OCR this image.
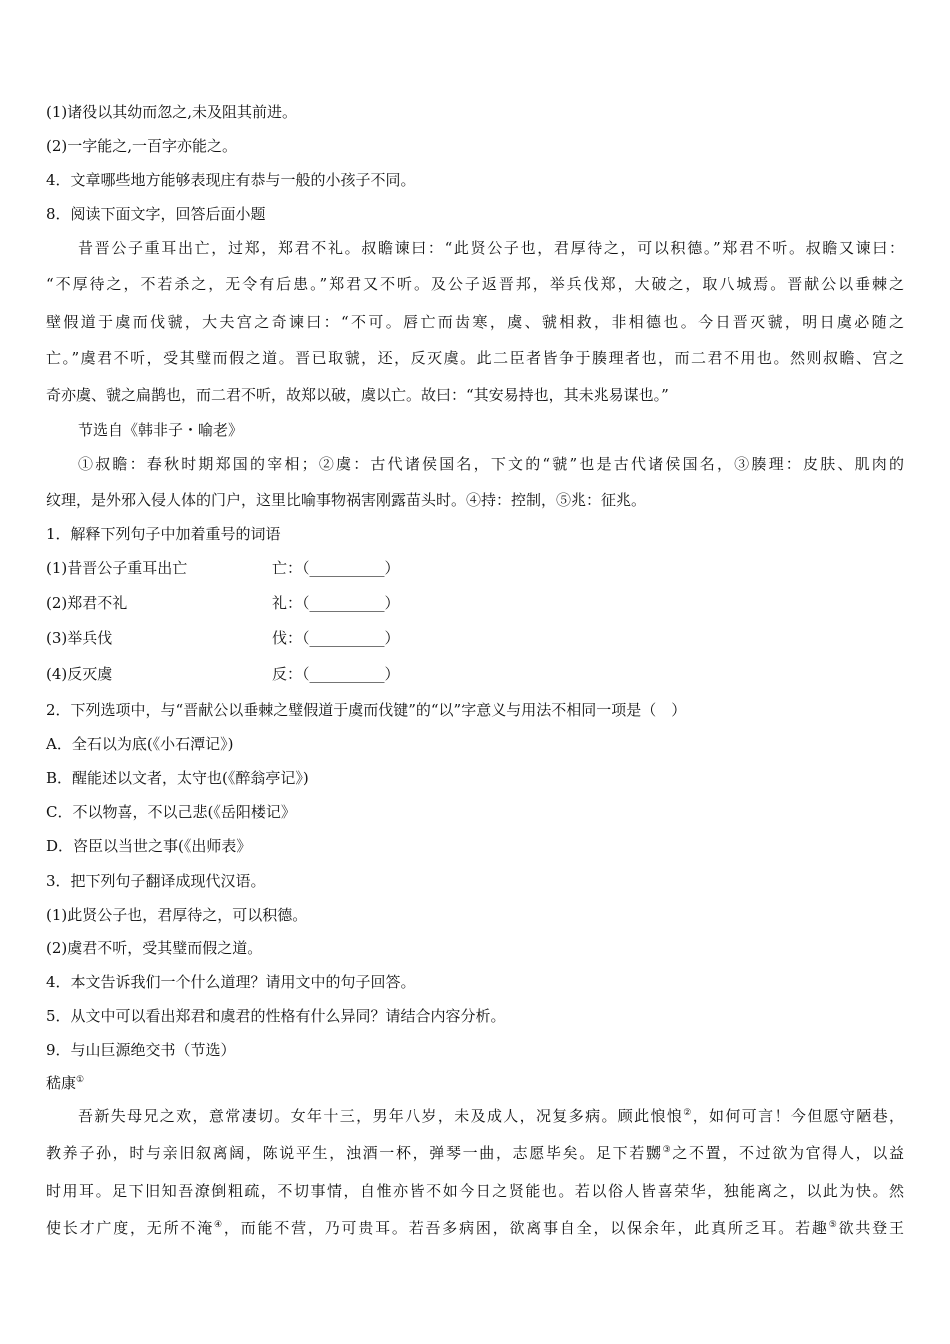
(1)诸役以其幼而忽之,未及阻其前进。
(2)一字能之,一百字亦能之。
4．文章哪些地方能够表现庄有恭与一般的小孩子不同。
8．阅读下面文字，回答后面小题
昔晋公子重耳出亡，过郑，郑君不礼。叔瞻谏曰：“此贤公子也，君厚待之，可以积德。”郑君不听。叔瞻又谏曰：
“不厚待之，不若杀之，无令有后患。”郑君又不听。及公子返晋邦，举兵伐郑，大破之，取八城焉。晋献公以垂棘之
壁假道于虞而伐虢，大夫宫之奇谏曰：“不可。唇亡而齿寒，虞、虢相救，非相德也。今日晋灭虢，明日虞必随之
亡。”虞君不听，受其璧而假之道。晋已取虢，还，反灭虞。此二臣者皆争于腠理者也，而二君不用也。然则叔瞻、宫之
奇亦虞、虢之扁鹊也，而二君不听，故郑以破，虞以亡。故曰：“其安易持也，其未兆易谋也。”
节选自《韩非子・喻老》
①叔瞻：春秋时期郑国的宰相；②虞：古代诸侯国名，下文的“虢”也是古代诸侯国名，③腠理：皮肤、肌肉的
纹理，是外邪入侵人体的门户，这里比喻事物祸害刚露苗头时。④持：控制，⑤兆：征兆。
1．解释下列句子中加着重号的词语
(1)昔晋公子重耳出亡	亡：（__________）
(2)郑君不礼	礼：（__________）
(3)举兵伐	伐：（__________）
(4)反灭虞	反：（__________）
2．下列选项中，与“晋献公以垂棘之璧假道于虞而伐键”的“以”字意义与用法不相同一项是（　）
A．全石以为底(《小石潭记》)
B．醒能述以文者，太守也(《醉翁亭记》)
C．不以物喜，不以己悲(《岳阳楼记》
D．咨臣以当世之事(《出师表》
3．把下列句子翻译成现代汉语。
(1)此贤公子也，君厚待之，可以积德。
(2)虞君不听，受其璧而假之道。
4．本文告诉我们一个什么道理？请用文中的句子回答。
5．从文中可以看出郑君和虞君的性格有什么异同？请结合内容分析。
9．与山巨源绝交书（节选）
嵇康①
吾新失母兄之欢，意常凄切。女年十三，男年八岁，未及成人，况复多病。顾此悢悢②，如何可言！今但愿守陋巷，
教养子孙，时与亲旧叙离阔，陈说平生，浊酒一杯，弹琴一曲，志愿毕矣。足下若嬲③之不置，不过欲为官得人，以益
时用耳。足下旧知吾潦倒粗疏，不切事情，自惟亦皆不如今日之贤能也。若以俗人皆喜荣华，独能离之，以此为快。然
使长才广度，无所不淹④，而能不营，乃可贵耳。若吾多病困，欲离事自全，以保余年，此真所乏耳。若趣⑤欲共登王
